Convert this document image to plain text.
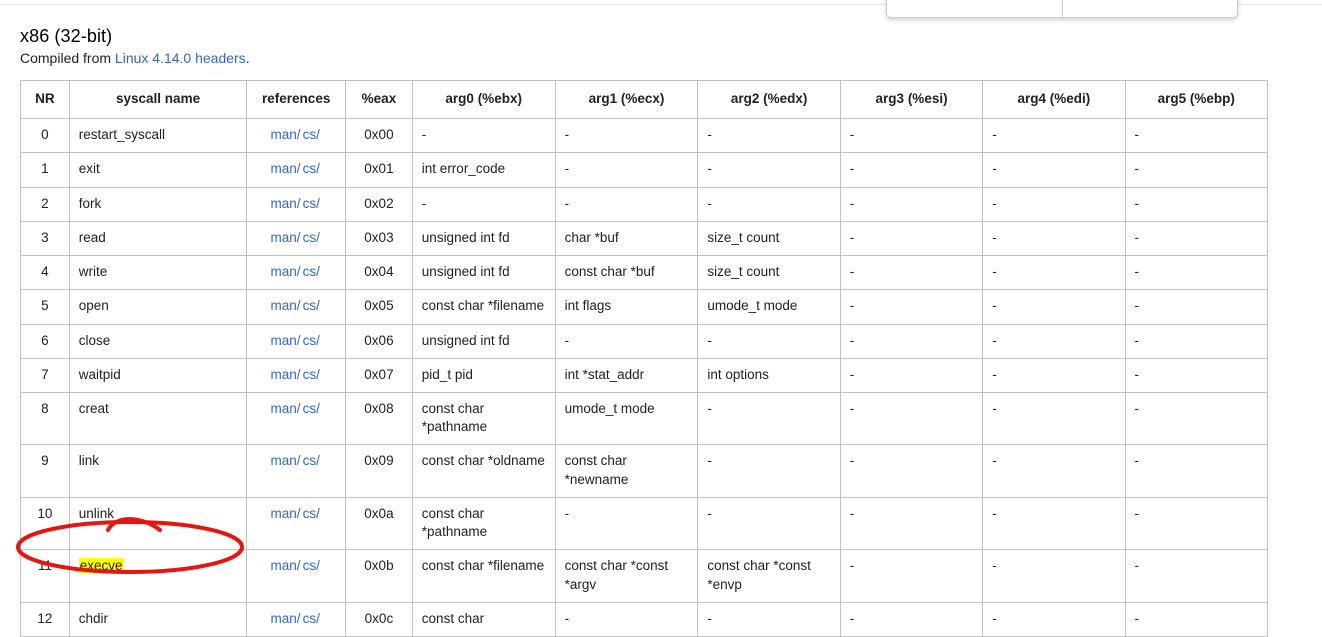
x86 (32-bit)
Compiled from Linux 4.14.0 headers.
NR	syscall name	references	%eax	arg0 (%ebx)	arg1 (%ecx)	arg2 (%edx)	arg3 (%esi)	arg4 (%edi)	arg5 (%ebp)
0	restart_syscall	man/ cs/	0x00	-	-	-	-	-	-
1	exit	man/ cs/	0x01	int error_code	-	-	-	-	-
2	fork	man/ cs/	0x02	-	-	-	-	-	-
3	read	man/ cs/	0x03	unsigned int fd	char *buf	size_t count	-	-	-
4	write	man/ cs/	0x04	unsigned int fd	const char *buf	size_t count	-	-	-
5	open	man/ cs/	0x05	const char *filename	int flags	umode_t mode	-	-	-
6	close	man/ cs/	0x06	unsigned int fd	-	-	-	-	-
7	waitpid	man/ cs/	0x07	pid_t pid	int *stat_addr	int options	-	-	-
8	creat	man/ cs/	0x08	const char *pathname	umode_t mode	-	-	-	-
9	link	man/ cs/	0x09	const char *oldname	const char *newname	-	-	-	-
10	unlink	man/ cs/	0x0a	const char *pathname	-	-	-	-	-
11	execve	man/ cs/	0x0b	const char *filename	const char *const *argv	const char *const *envp	-	-	-
12	chdir	man/ cs/	0x0c	const char	-	-	-	-	-
